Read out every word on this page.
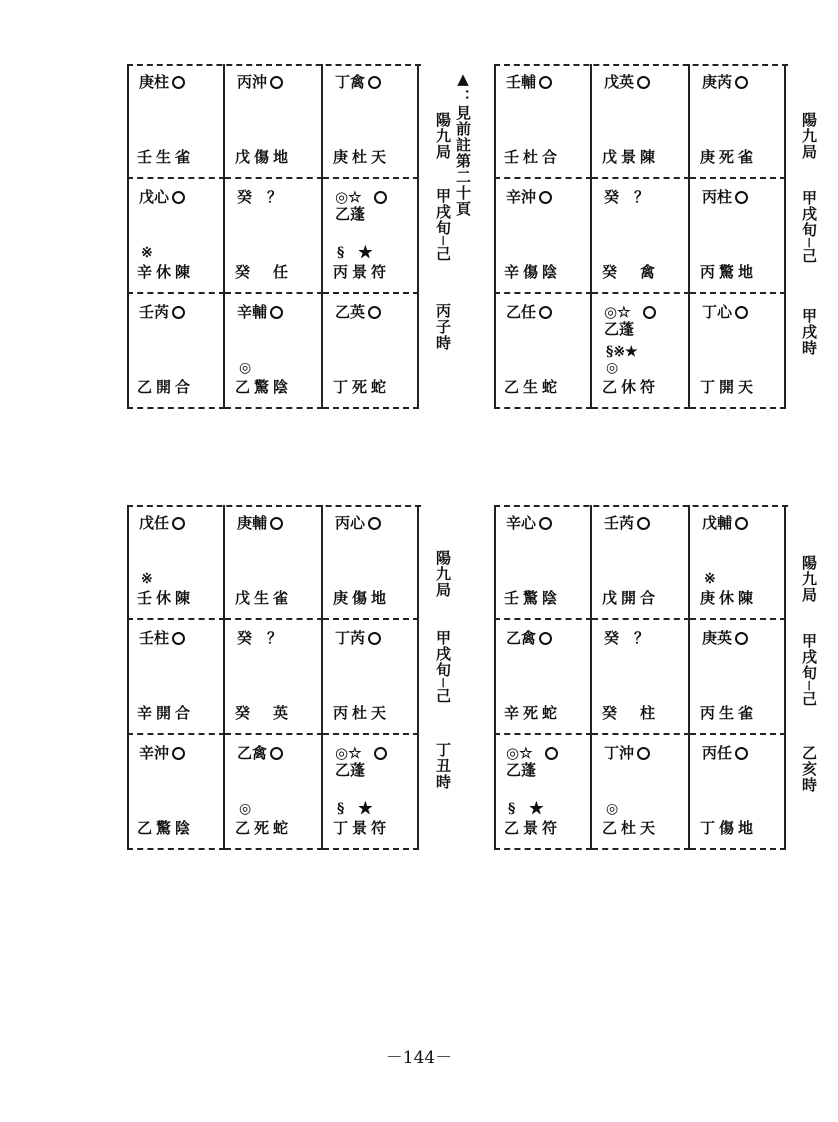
庚柱
壬生雀
丙沖
戊傷地
丁禽
庚杜天
戊心
※
辛休陳
癸　？
癸　任
◎☆
乙蓬
§　★
丙景符
壬芮
乙開合
辛輔
◎
乙驚陰
乙英
丁死蛇
▲：見前註第二十頁
陽九局
甲戌旬─己
丙子時
壬輔
壬杜合
戊英
戊景陳
庚芮
庚死雀
辛沖
辛傷陰
癸　？
癸　禽
丙柱
丙驚地
乙任
乙生蛇
◎☆
乙蓬
◎
§※★
乙休符
丁心
丁開天
陽九局
甲戌旬─己
甲戌時
戊任
※
壬休陳
庚輔
戊生雀
丙心
庚傷地
壬柱
辛開合
癸　？
癸　英
丁芮
丙杜天
辛沖
乙驚陰
乙禽
◎
乙死蛇
◎☆
乙蓬
§　★
丁景符
陽九局
甲戌旬─己
丁丑時
辛心
壬驚陰
壬芮
戊開合
戊輔
※
庚休陳
乙禽
辛死蛇
癸　？
癸　柱
庚英
丙生雀
◎☆
乙蓬
§　★
乙景符
丁沖
◎
乙杜天
丙任
丁傷地
陽九局
甲戌旬─己
乙亥時
－144－
